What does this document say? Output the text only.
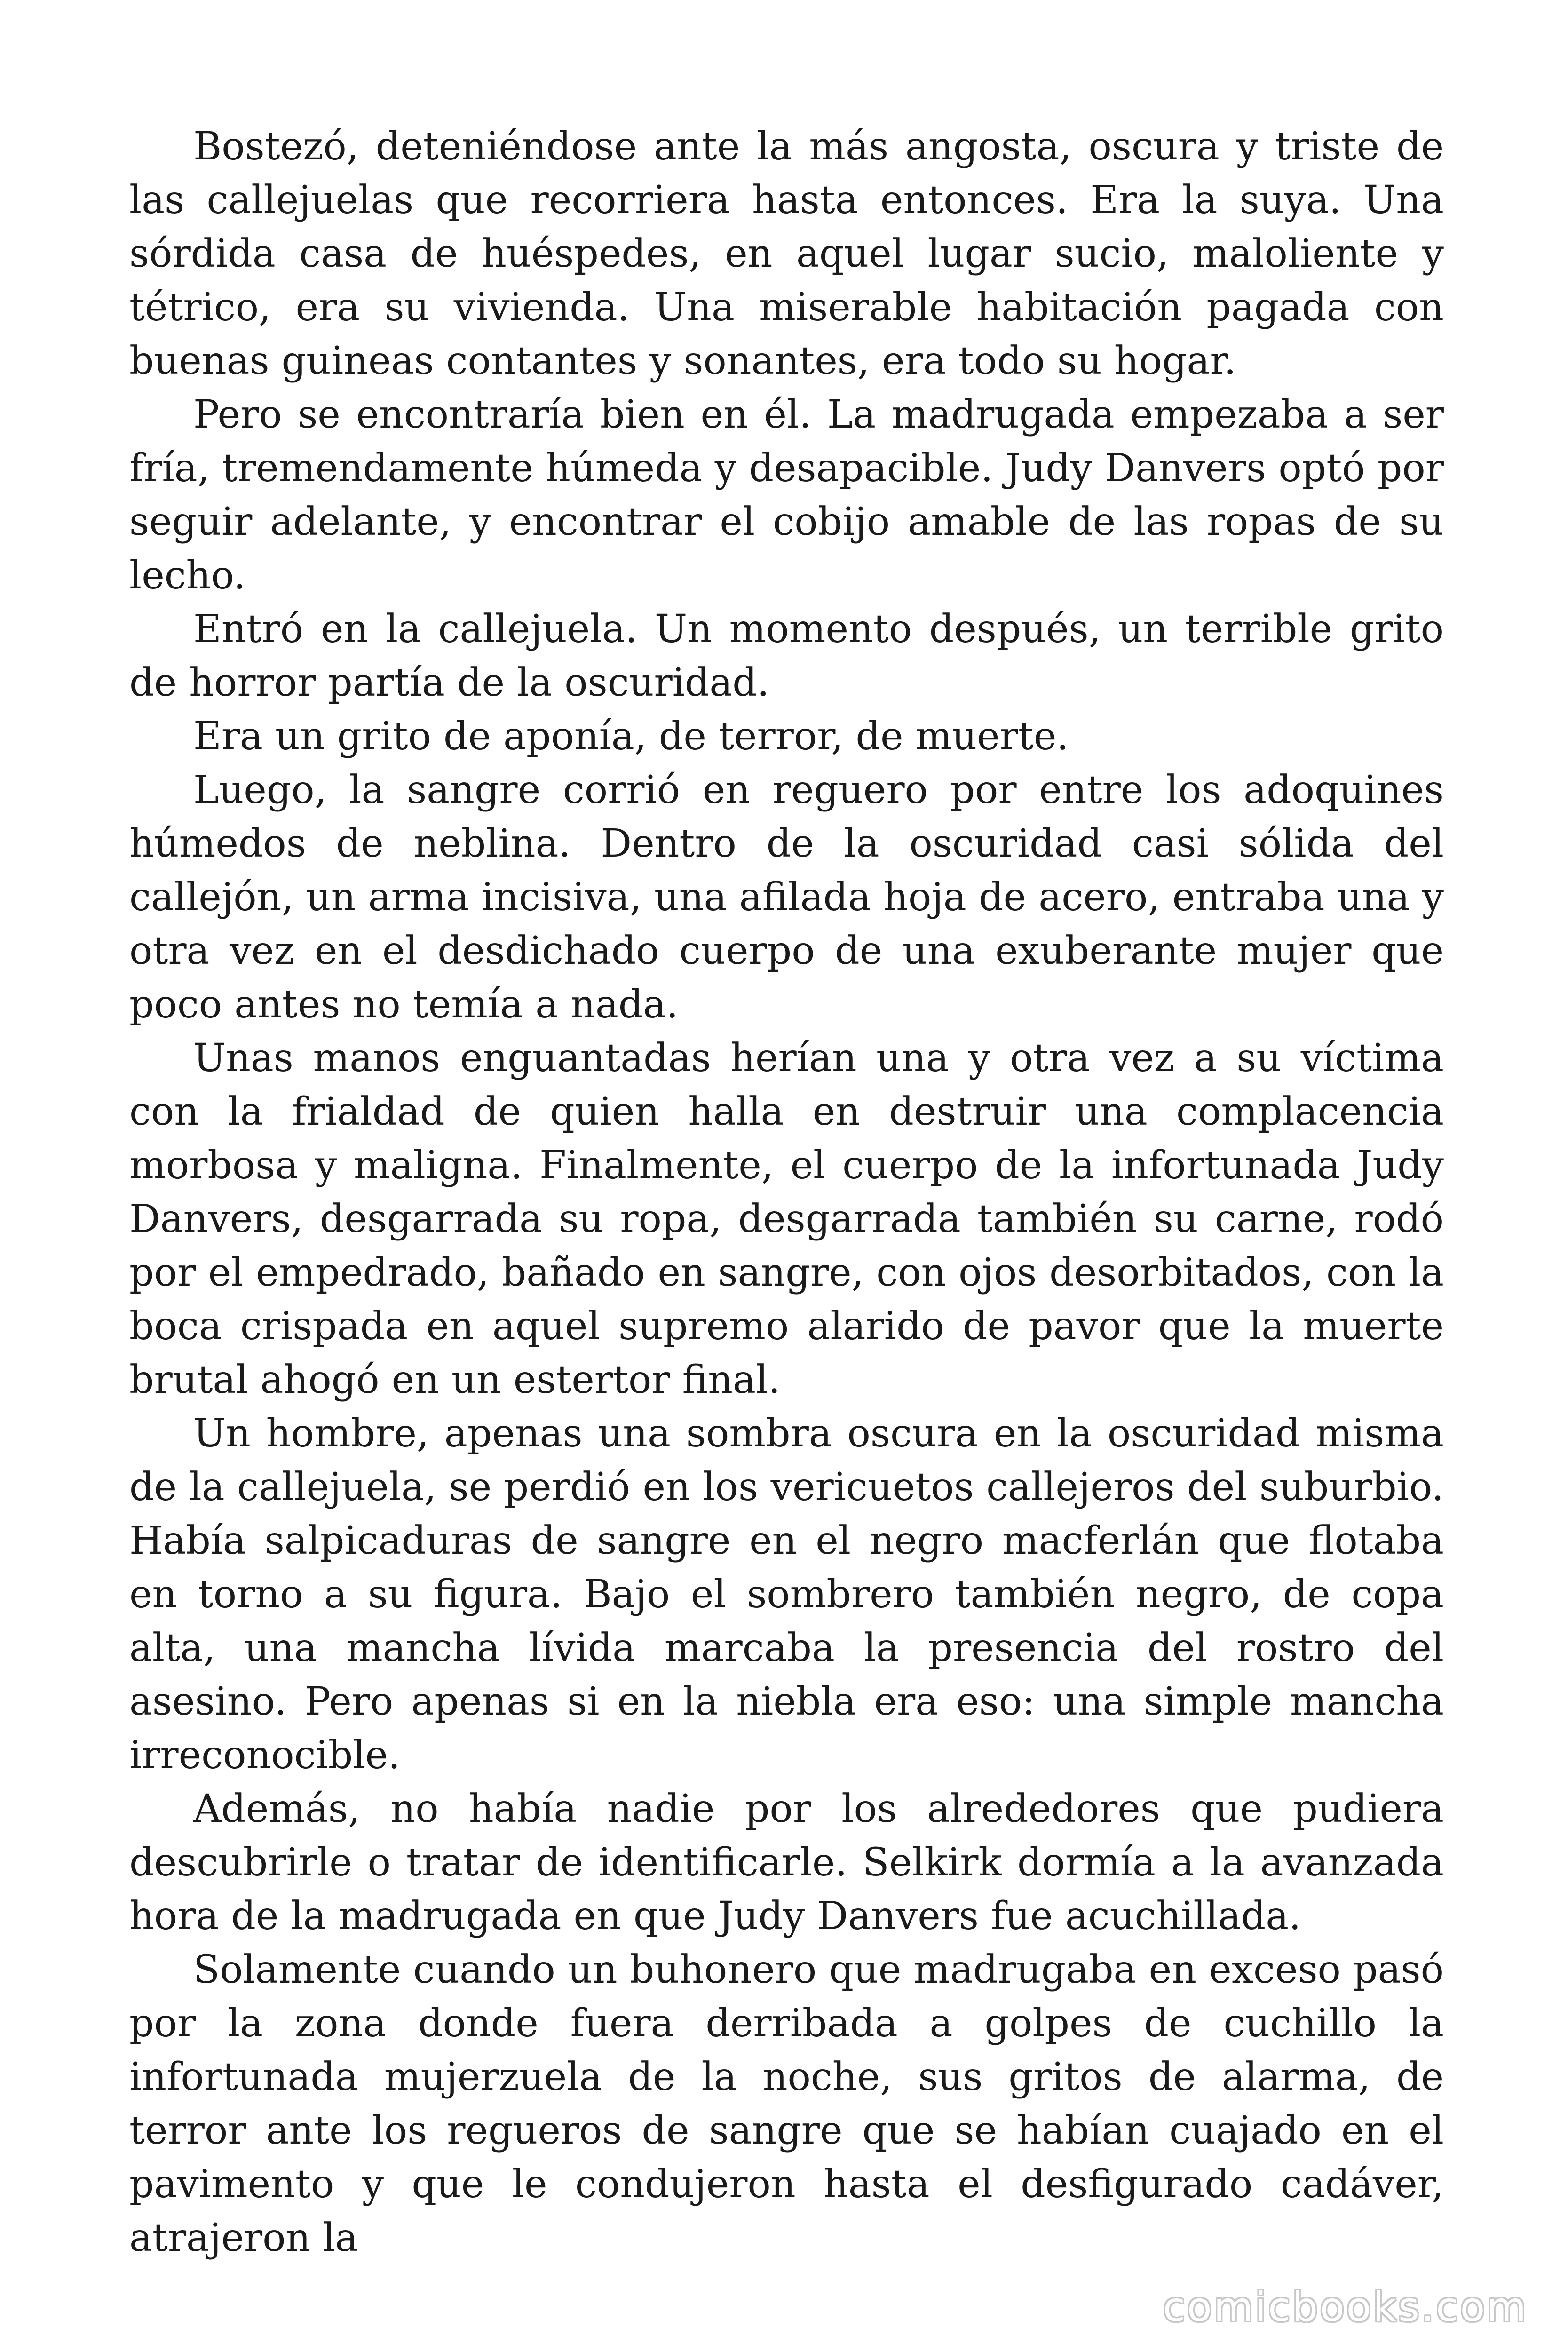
Bostezó, deteniéndose ante la más angosta, oscura y triste de las callejuelas que recorriera hasta entonces. Era la suya. Una sórdida casa de huéspedes, en aquel lugar sucio, maloliente y tétrico, era su vivienda. Una miserable habitación pagada con buenas guineas contantes y sonantes, era todo su hogar.

Pero se encontraría bien en él. La madrugada empezaba a ser fría, tremendamente húmeda y desapacible. Judy Danvers optó por seguir adelante, y encontrar el cobijo amable de las ropas de su lecho.

Entró en la callejuela. Un momento después, un terrible grito de horror partía de la oscuridad.

Era un grito de aponía, de terror, de muerte.

Luego, la sangre corrió en reguero por entre los adoquines húmedos de neblina. Dentro de la oscuridad casi sólida del callejón, un arma incisiva, una afilada hoja de acero, entraba una y otra vez en el desdichado cuerpo de una exuberante mujer que poco antes no temía a nada.

Unas manos enguantadas herían una y otra vez a su víctima con la frialdad de quien halla en destruir una complacencia morbosa y maligna. Finalmente, el cuerpo de la infortunada Judy Danvers, desgarrada su ropa, desgarrada también su carne, rodó por el empedrado, bañado en sangre, con ojos desorbitados, con la boca crispada en aquel supremo alarido de pavor que la muerte brutal ahogó en un estertor final.

Un hombre, apenas una sombra oscura en la oscuridad misma de la callejuela, se perdió en los vericuetos callejeros del suburbio. Había salpicaduras de sangre en el negro macferlán que flotaba en torno a su figura. Bajo el sombrero también negro, de copa alta, una mancha lívida marcaba la presencia del rostro del asesino. Pero apenas si en la niebla era eso: una simple mancha irreconocible.

Además, no había nadie por los alrededores que pudiera descubrirle o tratar de identificarle. Selkirk dormía a la avanzada hora de la madrugada en que Judy Danvers fue acuchillada.

Solamente cuando un buhonero que madrugaba en exceso pasó por la zona donde fuera derribada a golpes de cuchillo la infortunada mujerzuela de la noche, sus gritos de alarma, de terror ante los regueros de sangre que se habían cuajado en el pavimento y que le condujeron hasta el desfigurado cadáver, atrajeron la

comicbooks.com
